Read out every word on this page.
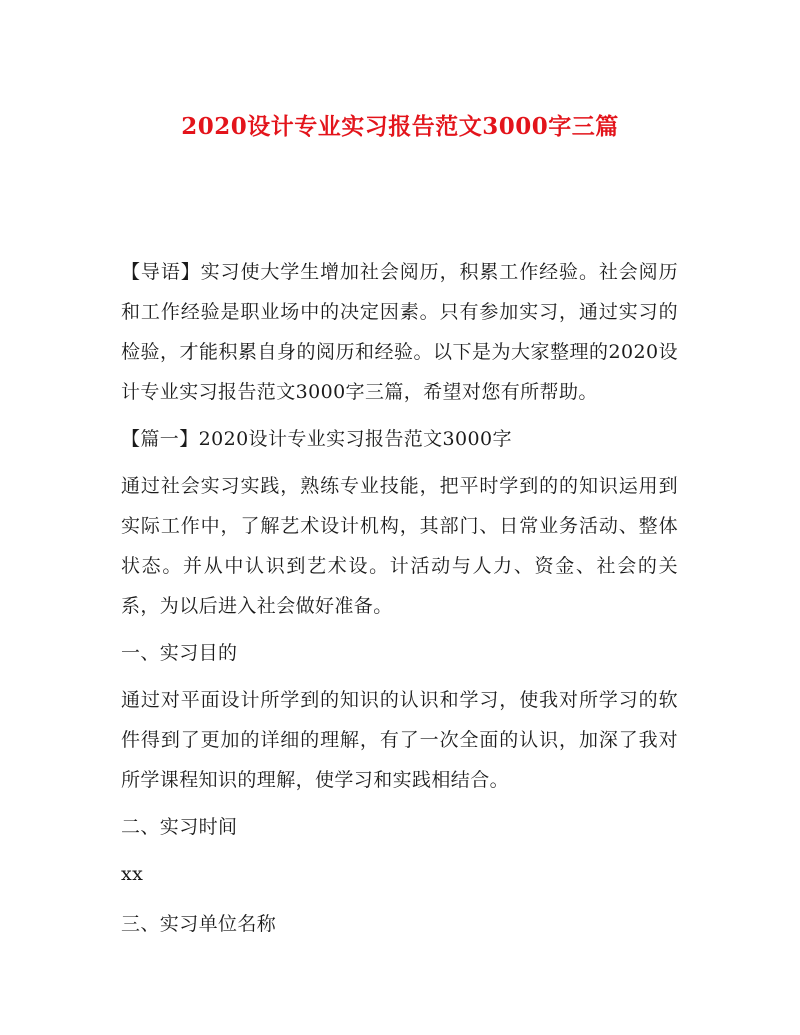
2020设计专业实习报告范文3000字三篇

【导语】实习使大学生增加社会阅历，积累工作经验。社会阅历和工作经验是职业场中的决定因素。只有参加实习，通过实习的检验，才能积累自身的阅历和经验。以下是为大家整理的2020设计专业实习报告范文3000字三篇，希望对您有所帮助。

【篇一】2020设计专业实习报告范文3000字

通过社会实习实践，熟练专业技能，把平时学到的的知识运用到实际工作中，了解艺术设计机构，其部门、日常业务活动、整体状态。并从中认识到艺术设。计活动与人力、资金、社会的关系，为以后进入社会做好准备。

一、实习目的

通过对平面设计所学到的知识的认识和学习，使我对所学习的软件得到了更加的详细的理解，有了一次全面的认识，加深了我对所学课程知识的理解，使学习和实践相结合。

二、实习时间

xx

三、实习单位名称
